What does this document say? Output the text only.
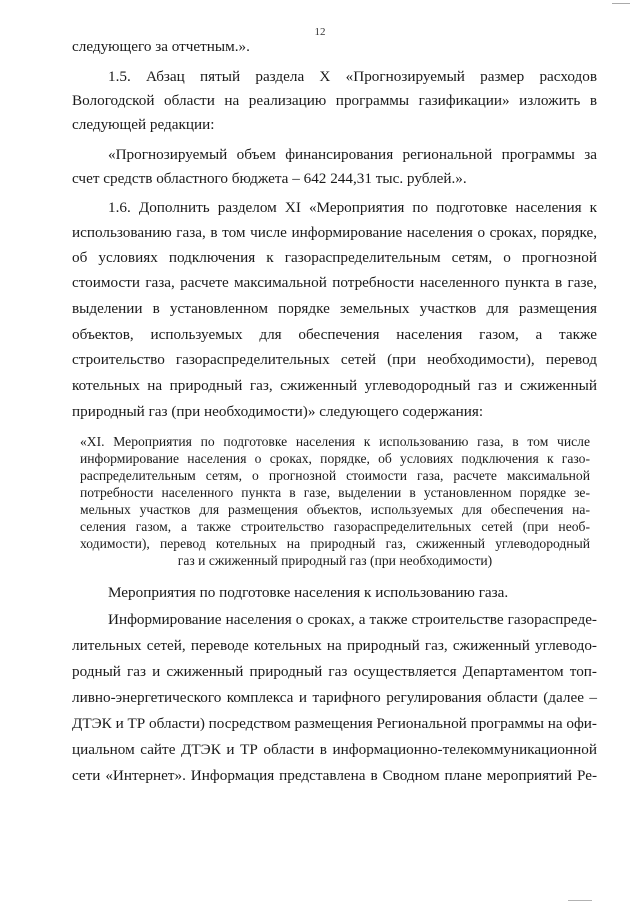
12
следующего за отчетным.».
1.5. Абзац пятый раздела X «Прогнозируемый размер расходов
Вологодской области на реализацию программы газификации» изложить в
следующей редакции:
«Прогнозируемый объем финансирования региональной программы за
счет средств областного бюджета – 642 244,31 тыс. рублей.».
1.6. Дополнить разделом XI «Мероприятия по подготовке населения к
использованию газа, в том числе информирование населения о сроках, порядке,
об условиях подключения к газораспределительным сетям, о прогнозной
стоимости газа, расчете максимальной потребности населенного пункта в газе,
выделении в установленном порядке земельных участков для размещения
объектов, используемых для обеспечения населения газом, а также
строительство газораспределительных сетей (при необходимости), перевод
котельных на природный газ, сжиженный углеводородный газ и сжиженный
природный газ (при необходимости)» следующего содержания:
«XI. Мероприятия по подготовке населения к использованию газа, в том числе
информирование населения о сроках, порядке, об условиях подключения к газо-
распределительным сетям, о прогнозной стоимости газа, расчете максимальной
потребности населенного пункта в газе, выделении в установленном порядке зе-
мельных участков для размещения объектов, используемых для обеспечения на-
селения газом, а также строительство газораспределительных сетей (при необ-
ходимости), перевод котельных на природный газ, сжиженный углеводородный
газ и сжиженный природный газ (при необходимости)
Мероприятия по подготовке населения к использованию газа.
Информирование населения о сроках, а также строительстве газораспреде-
лительных сетей, переводе котельных на природный газ, сжиженный углеводо-
родный газ и сжиженный природный газ осуществляется Департаментом топ-
ливно-энергетического комплекса и тарифного регулирования области (далее –
ДТЭК и ТР области) посредством размещения Региональной программы на офи-
циальном сайте ДТЭК и ТР области в информационно-телекоммуникационной
сети «Интернет». Информация представлена в Сводном плане мероприятий Ре-
